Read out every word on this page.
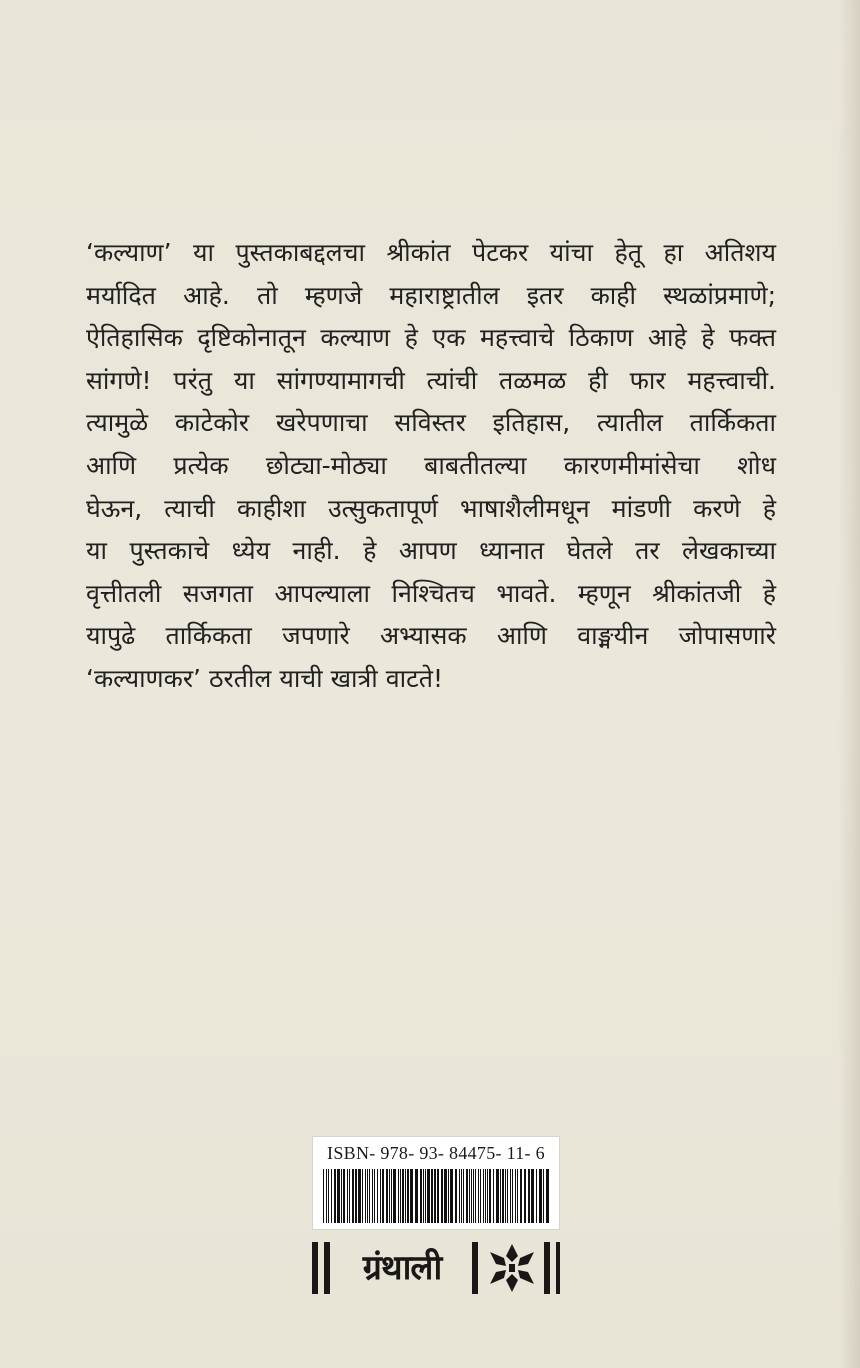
‘कल्याण’ या पुस्तकाबद्दलचा श्रीकांत पेटकर यांचा हेतू हा अतिशय
मर्यादित आहे. तो म्हणजे महाराष्ट्रातील इतर काही स्थळांप्रमाणे;
ऐतिहासिक दृष्टिकोनातून कल्याण हे एक महत्त्वाचे ठिकाण आहे हे फक्त
सांगणे! परंतु या सांगण्यामागची त्यांची तळमळ ही फार महत्त्वाची.
त्यामुळे काटेकोर खरेपणाचा सविस्तर इतिहास, त्यातील तार्किकता
आणि प्रत्येक छोट्या-मोठ्या बाबतीतल्या कारणमीमांसेचा शोध
घेऊन, त्याची काहीशा उत्सुकतापूर्ण भाषाशैलीमधून मांडणी करणे हे
या पुस्तकाचे ध्येय नाही. हे आपण ध्यानात घेतले तर लेखकाच्या
वृत्तीतली सजगता आपल्याला निश्चितच भावते. म्हणून श्रीकांतजी हे
यापुढे तार्किकता जपणारे अभ्यासक आणि वाङ्मयीन जोपासणारे
‘कल्याणकर’ ठरतील याची खात्री वाटते!
ISBN- 978- 93- 84475- 11- 6
ग्रंथाली
